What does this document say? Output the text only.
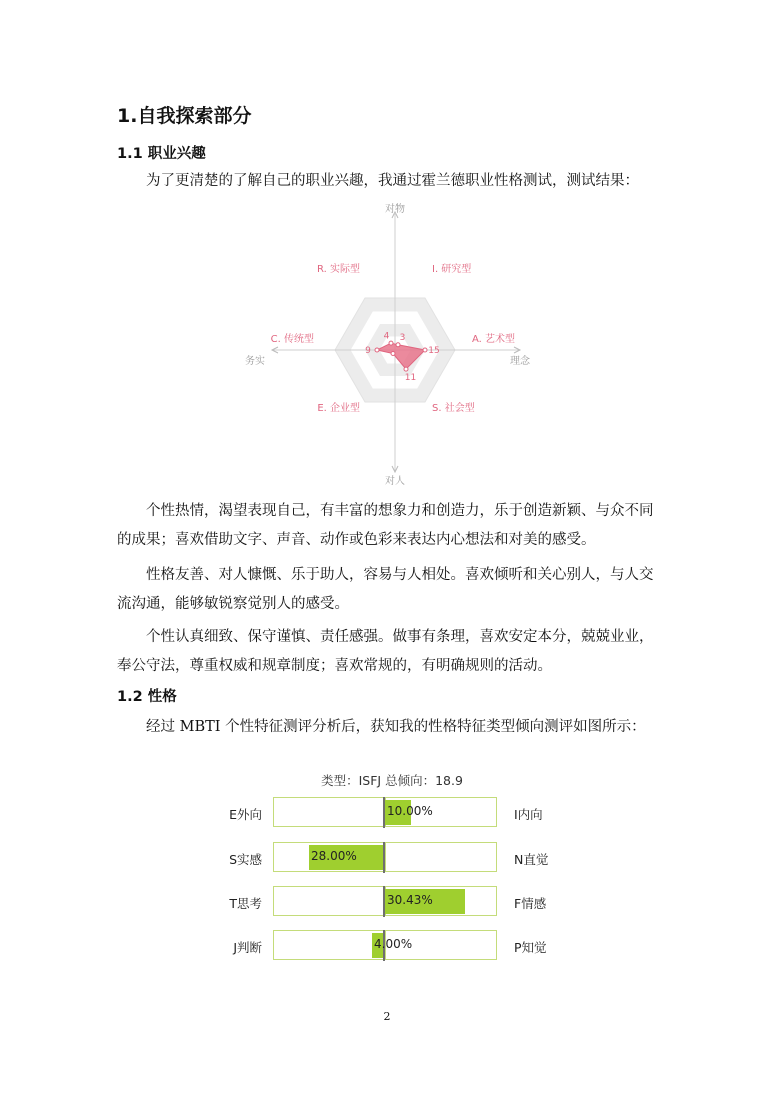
1.自我探索部分
1.1 职业兴趣
为了更清楚的了解自己的职业兴趣，我通过霍兰德职业性格测试，测试结果：
对物
对人
务实	理念
I. 研究型
A. 艺术型
S. 社会型
E. 企业型
C. 传统型
R. 实际型
3
15
11
9
4
个性热情，渴望表现自己，有丰富的想象力和创造力，乐于创造新颖、与众不同的成果；喜欢借助文字、声音、动作或色彩来表达内心想法和对美的感受。
性格友善、对人慷慨、乐于助人，容易与人相处。喜欢倾听和关心别人，与人交流沟通，能够敏锐察觉别人的感受。
个性认真细致、保守谨慎、责任感强。做事有条理，喜欢安定本分，兢兢业业，奉公守法，尊重权威和规章制度；喜欢常规的，有明确规则的活动。
1.2 性格
经过 MBTI 个性特征测评分析后，获知我的性格特征类型倾向测评如图所示：
类型：ISFJ 总倾向：18.9
E外向	10.00%	I内向
S实感	28.00%	N直觉
T思考	30.43%	F情感
J判断	4.00%	P知觉
2
